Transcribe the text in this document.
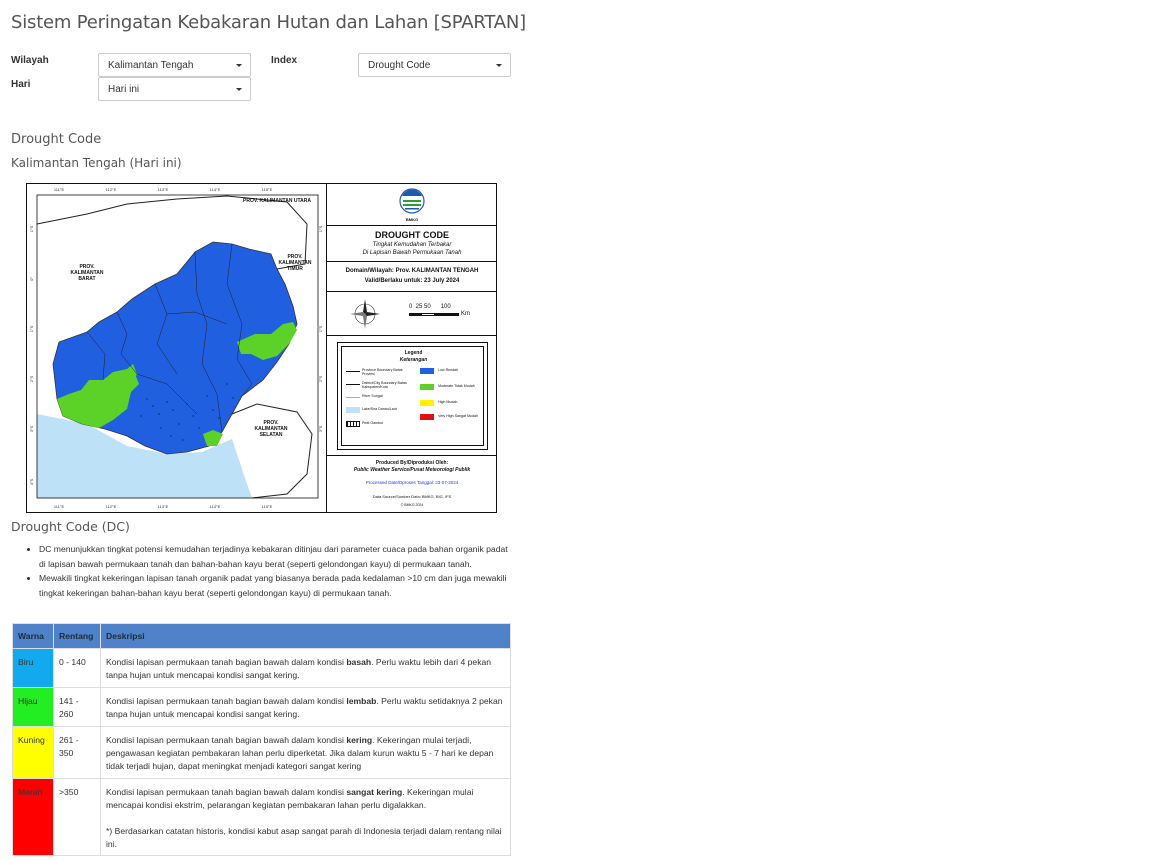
Sistem Peringatan Kebakaran Hutan dan Lahan [SPARTAN]
Wilayah	Kalimantan Tengah
Hari	Hari ini
Index	Drought Code
Drought Code
Kalimantan Tengah (Hari ini)
PROV. KALIMANTAN UTARA
PROV.
KALIMANTAN
BARAT
PROV.
KALIMANTAN
TIMUR
PROV.
KALIMANTAN
SELATAN
111°E	112°E	113°E	114°E	115°E
111°E	112°E	113°E	114°E	115°E
1°S
0°
1°S
2°S
3°S
4°S
1°S
1°S
2°S
3°S
BMKG
DROUGHT CODE
Tingkat Kemudahan Terbakar
Di Lapisan Bawah Permukaan Tanah
Domain/Wilayah: Prov. KALIMANTAN TENGAH
Valid/Berlaku untuk: 23 July 2024
0  25 50      100
Km
Legend
Keterangan
Province Boundary Batas Provinsi
District/City Boundary Batas Kabupaten/Kota
River Sungai
Lake/Sea Danau/Laut
Peat Gambut
Low Rendah
Moderate Tidak Mudah
High Mudah
Very High Sangat Mudah
Produced By/Diproduksi Oleh:
Public Weather Service/Pusat Meteorologi Publik
Processed Date/Dproses Tanggal: 23-07-2024
Data Source/Sumber Data: BMKG, BIG, IFS
© BMKG 2024
Drought Code (DC)
• DC menunjukkan tingkat potensi kemudahan terjadinya kebakaran ditinjau dari parameter cuaca pada bahan organik padat di lapisan bawah permukaan tanah dan bahan-bahan kayu berat (seperti gelondongan kayu) di permukaan tanah.
• Mewakili tingkat kekeringan lapisan tanah organik padat yang biasanya berada pada kedalaman >10 cm dan juga mewakili tingkat kekeringan bahan-bahan kayu berat (seperti gelondongan kayu) di permukaan tanah.
Warna	Rentang	Deskripsi
Biru	0 - 140	Kondisi lapisan permukaan tanah bagian bawah dalam kondisi basah. Perlu waktu lebih dari 4 pekan tanpa hujan untuk mencapai kondisi sangat kering.
Hijau	141 - 260	Kondisi lapisan permukaan tanah bagian bawah dalam kondisi lembab. Perlu waktu setidaknya 2 pekan tanpa hujan untuk mencapai kondisi sangat kering.
Kuning	261 - 350	Kondisi lapisan permukaan tanah bagian bawah dalam kondisi kering. Kekeringan mulai terjadi, pengawasan kegiatan pembakaran lahan perlu diperketat. Jika dalam kurun waktu 5 - 7 hari ke depan tidak terjadi hujan, dapat meningkat menjadi kategori sangat kering
Merah	>350	Kondisi lapisan permukaan tanah bagian bawah dalam kondisi sangat kering. Kekeringan mulai mencapai kondisi ekstrim, pelarangan kegiatan pembakaran lahan perlu digalakkan.

*) Berdasarkan catatan historis, kondisi kabut asap sangat parah di Indonesia terjadi dalam rentang nilai ini.
